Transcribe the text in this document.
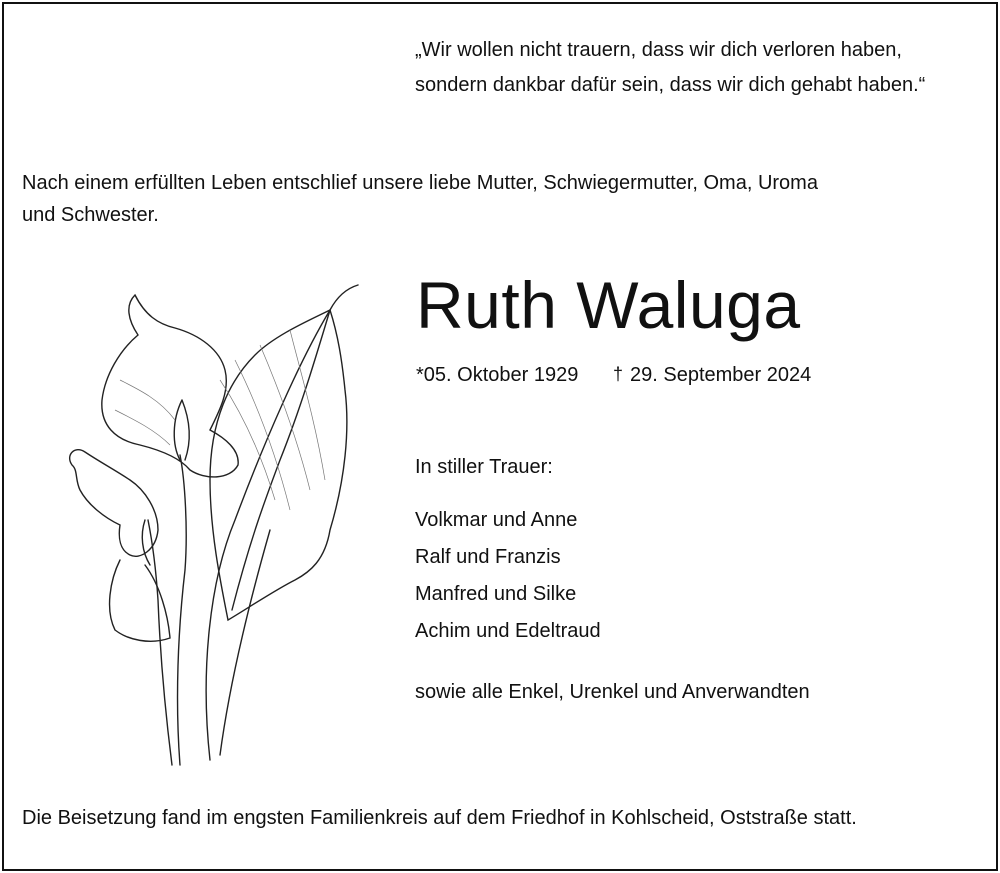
„Wir wollen nicht trauern, dass wir dich verloren haben,
sondern dankbar dafür sein, dass wir dich gehabt haben.“
Nach einem erfüllten Leben entschlief unsere liebe Mutter, Schwiegermutter, Oma, Uroma
und Schwester.
Ruth Waluga
*05. Oktober 1929 † 29. September 2024
In stiller Trauer:
Volkmar und Anne
Ralf und Franzis
Manfred und Silke
Achim und Edeltraud
sowie alle Enkel, Urenkel und Anverwandten
Die Beisetzung fand im engsten Familienkreis auf dem Friedhof in Kohlscheid, Oststraße statt.
